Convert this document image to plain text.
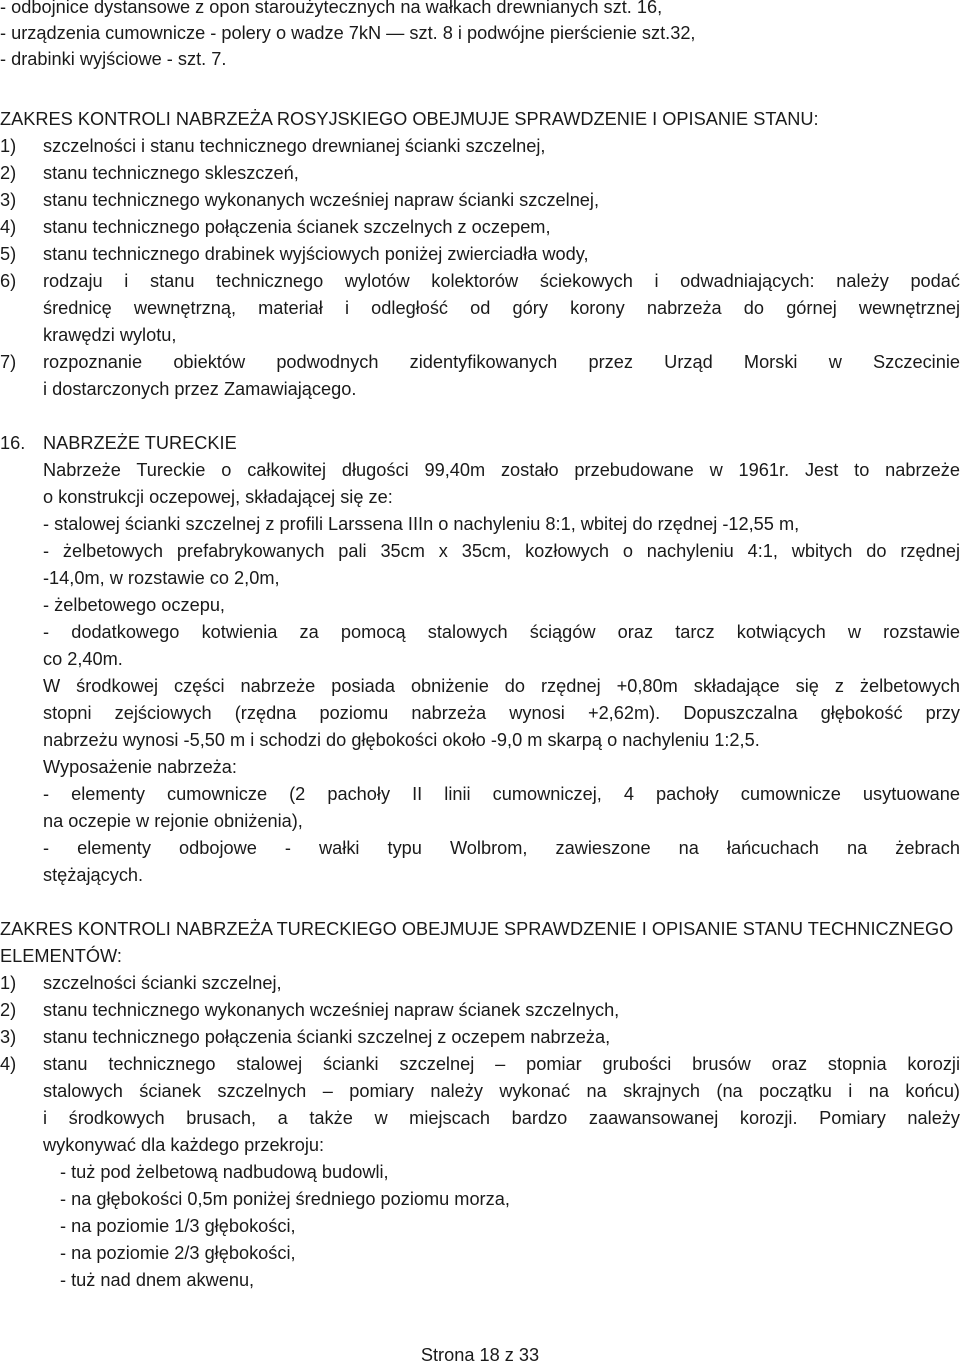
- odbojnice dystansowe z opon staroużytecznych na wałkach drewnianych szt. 16,
- urządzenia cumownicze - polery o wadze 7kN — szt. 8 i podwójne pierścienie szt.32,
- drabinki wyjściowe - szt. 7.
ZAKRES KONTROLI NABRZEŻA ROSYJSKIEGO OBEJMUJE SPRAWDZENIE I OPISANIE STANU:
1)	szczelności i stanu technicznego drewnianej ścianki szczelnej,
2)	stanu technicznego skleszczeń,
3)	stanu technicznego wykonanych wcześniej napraw ścianki szczelnej,
4)	stanu technicznego połączenia ścianek szczelnych z oczepem,
5)	stanu technicznego drabinek wyjściowych poniżej zwierciadła wody,
6)	rodzaju i stanu technicznego wylotów kolektorów ściekowych i odwadniających: należy podać
średnicę wewnętrzną, materiał i odległość od góry korony nabrzeża do górnej wewnętrznej
krawędzi wylotu,
7)	rozpoznanie obiektów podwodnych zidentyfikowanych przez Urząd Morski w Szczecinie
i dostarczonych przez Zamawiającego.
16. NABRZEŻE TURECKIE
Nabrzeże Tureckie o całkowitej długości 99,40m zostało przebudowane w 1961r. Jest to nabrzeże
o konstrukcji oczepowej, składającej się ze:
- stalowej ścianki szczelnej z profili Larssena IIIn o nachyleniu 8:1, wbitej do rzędnej -12,55 m,
- żelbetowych prefabrykowanych pali 35cm x 35cm, kozłowych o nachyleniu 4:1, wbitych do rzędnej
-14,0m, w rozstawie co 2,0m,
- żelbetowego oczepu,
- dodatkowego kotwienia za pomocą stalowych ściągów oraz tarcz kotwiących w rozstawie
co 2,40m.
W środkowej części nabrzeże posiada obniżenie do rzędnej +0,80m składające się z żelbetowych
stopni zejściowych (rzędna poziomu nabrzeża wynosi +2,62m). Dopuszczalna głębokość przy
nabrzeżu wynosi -5,50 m i schodzi do głębokości około -9,0 m skarpą o nachyleniu 1:2,5.
Wyposażenie nabrzeża:
- elementy cumownicze (2 pachoły II linii cumowniczej, 4 pachoły cumownicze usytuowane
na oczepie w rejonie obniżenia),
- elementy odbojowe - wałki typu Wolbrom, zawieszone na łańcuchach na żebrach
stężających.
ZAKRES KONTROLI NABRZEŻA TURECKIEGO OBEJMUJE SPRAWDZENIE I OPISANIE STANU TECHNICZNEGO
ELEMENTÓW:
1)	szczelności ścianki szczelnej,
2)	stanu technicznego wykonanych wcześniej napraw ścianek szczelnych,
3)	stanu technicznego połączenia ścianki szczelnej z oczepem nabrzeża,
4)	stanu technicznego stalowej ścianki szczelnej – pomiar grubości brusów oraz stopnia korozji
stalowych ścianek szczelnych – pomiary należy wykonać na skrajnych (na początku i na końcu)
i środkowych brusach, a także w miejscach bardzo zaawansowanej korozji. Pomiary należy
wykonywać dla każdego przekroju:
- tuż pod żelbetową nadbudową budowli,
- na głębokości 0,5m poniżej średniego poziomu morza,
- na poziomie 1/3 głębokości,
- na poziomie 2/3 głębokości,
- tuż nad dnem akwenu,
Strona 18 z 33
